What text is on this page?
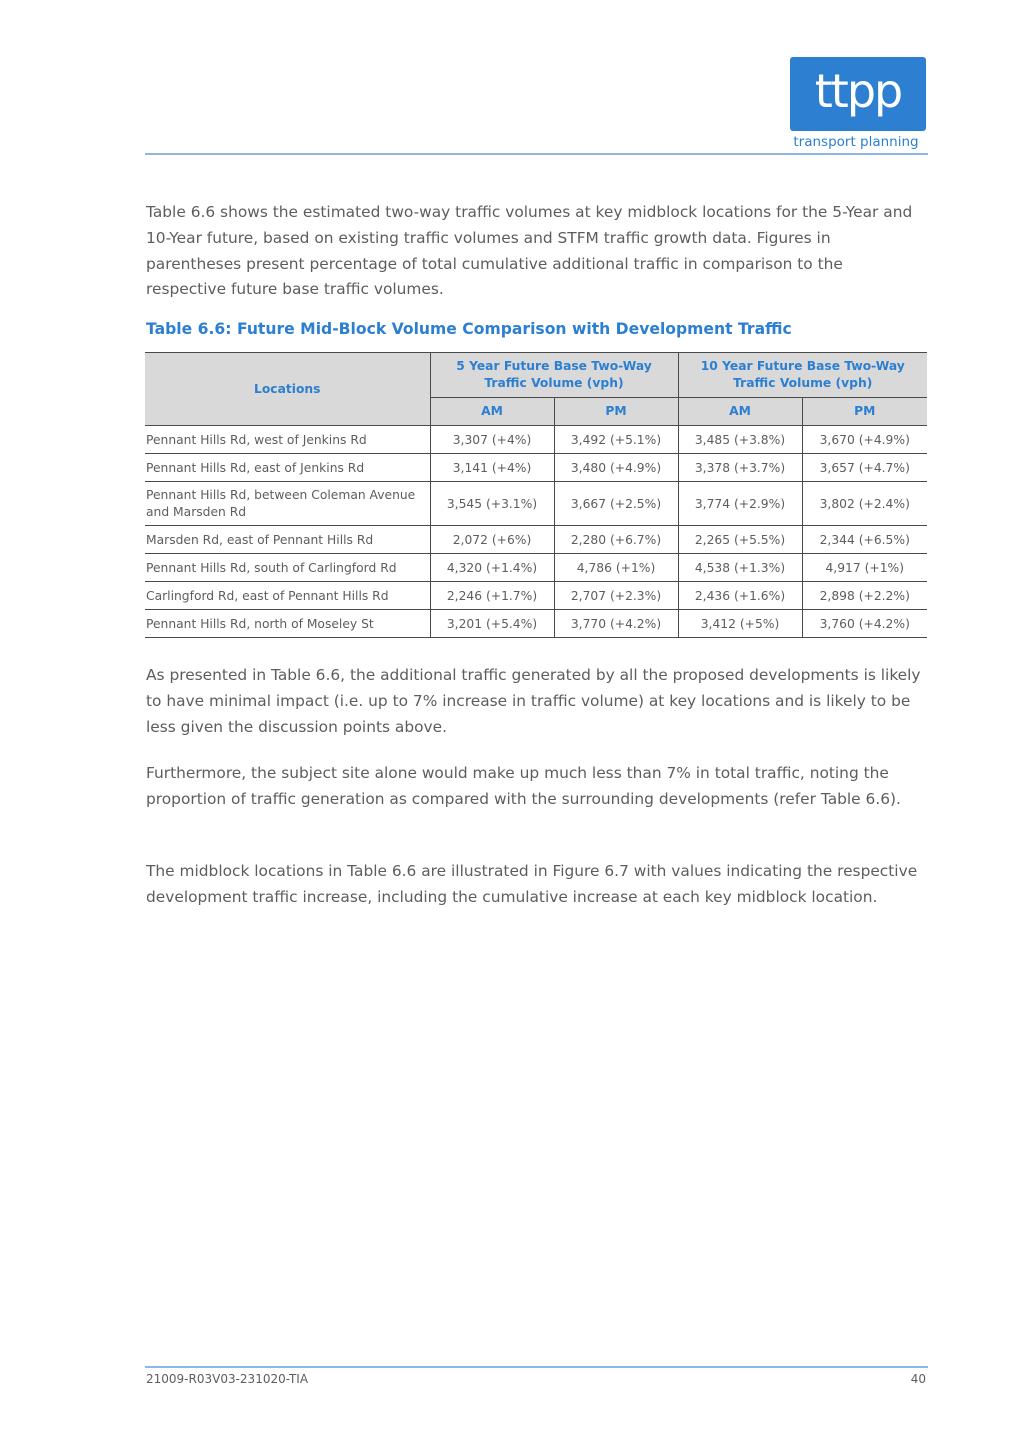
ttpp
transport planning

Table 6.6 shows the estimated two-way traffic volumes at key midblock locations for the 5-Year and 10-Year future, based on existing traffic volumes and STFM traffic growth data. Figures in parentheses present percentage of total cumulative additional traffic in comparison to the respective future base traffic volumes.

Table 6.6: Future Mid-Block Volume Comparison with Development Traffic
Locations	5 Year Future Base Two-Way Traffic Volume (vph)		10 Year Future Base Two-Way Traffic Volume (vph)	
	AM	PM	AM	PM
Pennant Hills Rd, west of Jenkins Rd	3,307 (+4%)	3,492 (+5.1%)	3,485 (+3.8%)	3,670 (+4.9%)
Pennant Hills Rd, east of Jenkins Rd	3,141 (+4%)	3,480 (+4.9%)	3,378 (+3.7%)	3,657 (+4.7%)
Pennant Hills Rd, between Coleman Avenue and Marsden Rd	3,545 (+3.1%)	3,667 (+2.5%)	3,774 (+2.9%)	3,802 (+2.4%)
Marsden Rd, east of Pennant Hills Rd	2,072 (+6%)	2,280 (+6.7%)	2,265 (+5.5%)	2,344 (+6.5%)
Pennant Hills Rd, south of Carlingford Rd	4,320 (+1.4%)	4,786 (+1%)	4,538 (+1.3%)	4,917 (+1%)
Carlingford Rd, east of Pennant Hills Rd	2,246 (+1.7%)	2,707 (+2.3%)	2,436 (+1.6%)	2,898 (+2.2%)
Pennant Hills Rd, north of Moseley St	3,201 (+5.4%)	3,770 (+4.2%)	3,412 (+5%)	3,760 (+4.2%)

As presented in Table 6.6, the additional traffic generated by all the proposed developments is likely to have minimal impact (i.e. up to 7% increase in traffic volume) at key locations and is likely to be less given the discussion points above.

Furthermore, the subject site alone would make up much less than 7% in total traffic, noting the proportion of traffic generation as compared with the surrounding developments (refer Table 6.6).

The midblock locations in Table 6.6 are illustrated in Figure 6.7 with values indicating the respective development traffic increase, including the cumulative increase at each key midblock location.

21009-R03V03-231020-TIA	40
